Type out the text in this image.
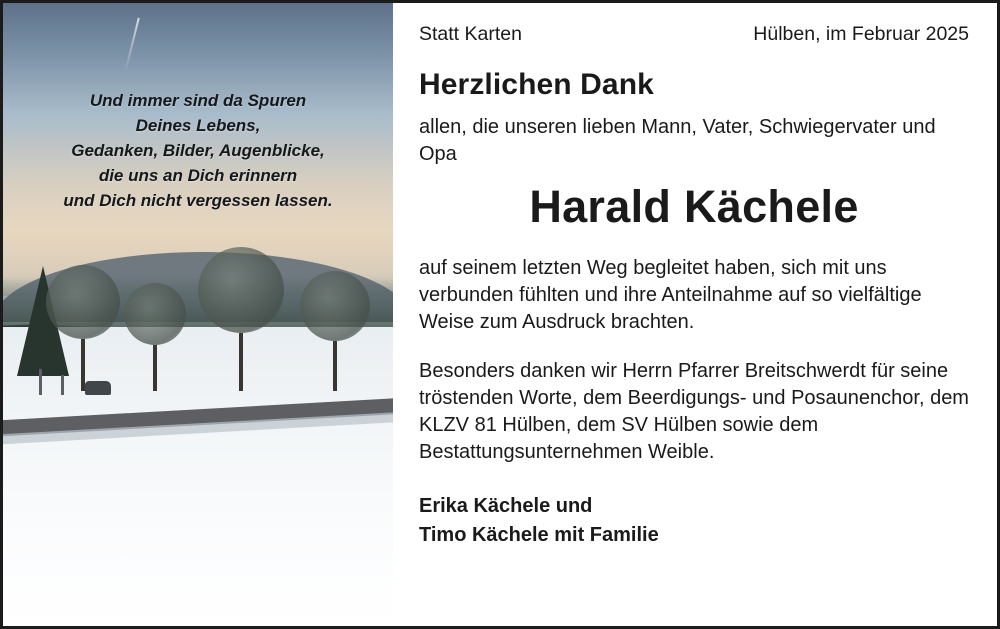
Und immer sind da Spuren
Deines Lebens,
Gedanken, Bilder, Augenblicke,
die uns an Dich erinnern
und Dich nicht vergessen lassen.
Statt Karten	Hülben, im Februar 2025
Herzlichen Dank

allen, die unseren lieben Mann, Vater, Schwiegervater und Opa

Harald Kächele

auf seinem letzten Weg begleitet haben, sich mit uns verbunden fühlten und ihre Anteilnahme auf so vielfältige Weise zum Ausdruck brachten.

Besonders danken wir Herrn Pfarrer Breitschwerdt für seine tröstenden Worte, dem Beerdigungs- und Posaunenchor, dem KLZV 81 Hülben, dem SV Hülben sowie dem Bestattungsunternehmen Weible.

Erika Kächele und
Timo Kächele mit Familie
